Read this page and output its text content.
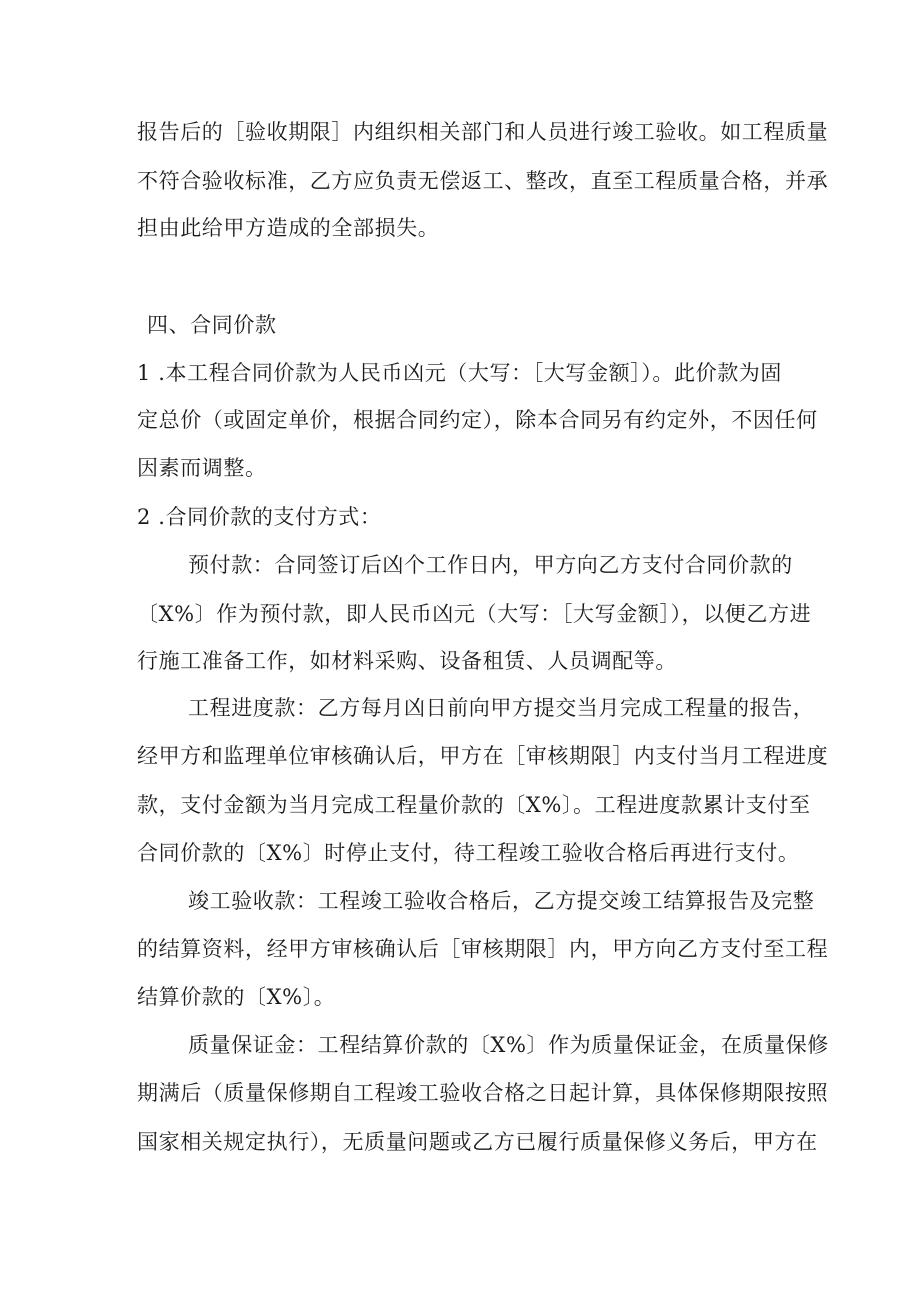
报告后的［验收期限］内组织相关部门和人员进行竣工验收。如工程质量
不符合验收标准，乙方应负责无偿返工、整改，直至工程质量合格，并承
担由此给甲方造成的全部损失。
四、合同价款
1 .本工程合同价款为人民币凶元（大写：［大写金额］）。此价款为固
定总价（或固定单价，根据合同约定），除本合同另有约定外，不因任何
因素而调整。
2 .合同价款的支付方式：
预付款：合同签订后凶个工作日内，甲方向乙方支付合同价款的
〔X%〕作为预付款，即人民币凶元（大写：［大写金额］），以便乙方进
行施工准备工作，如材料采购、设备租赁、人员调配等。
工程进度款：乙方每月凶日前向甲方提交当月完成工程量的报告，
经甲方和监理单位审核确认后，甲方在［审核期限］内支付当月工程进度
款，支付金额为当月完成工程量价款的〔X%〕。工程进度款累计支付至
合同价款的〔X%〕时停止支付，待工程竣工验收合格后再进行支付。
竣工验收款：工程竣工验收合格后，乙方提交竣工结算报告及完整
的结算资料，经甲方审核确认后［审核期限］内，甲方向乙方支付至工程
结算价款的〔X%〕。
质量保证金：工程结算价款的〔X%〕作为质量保证金，在质量保修
期满后（质量保修期自工程竣工验收合格之日起计算，具体保修期限按照
国家相关规定执行），无质量问题或乙方已履行质量保修义务后，甲方在
